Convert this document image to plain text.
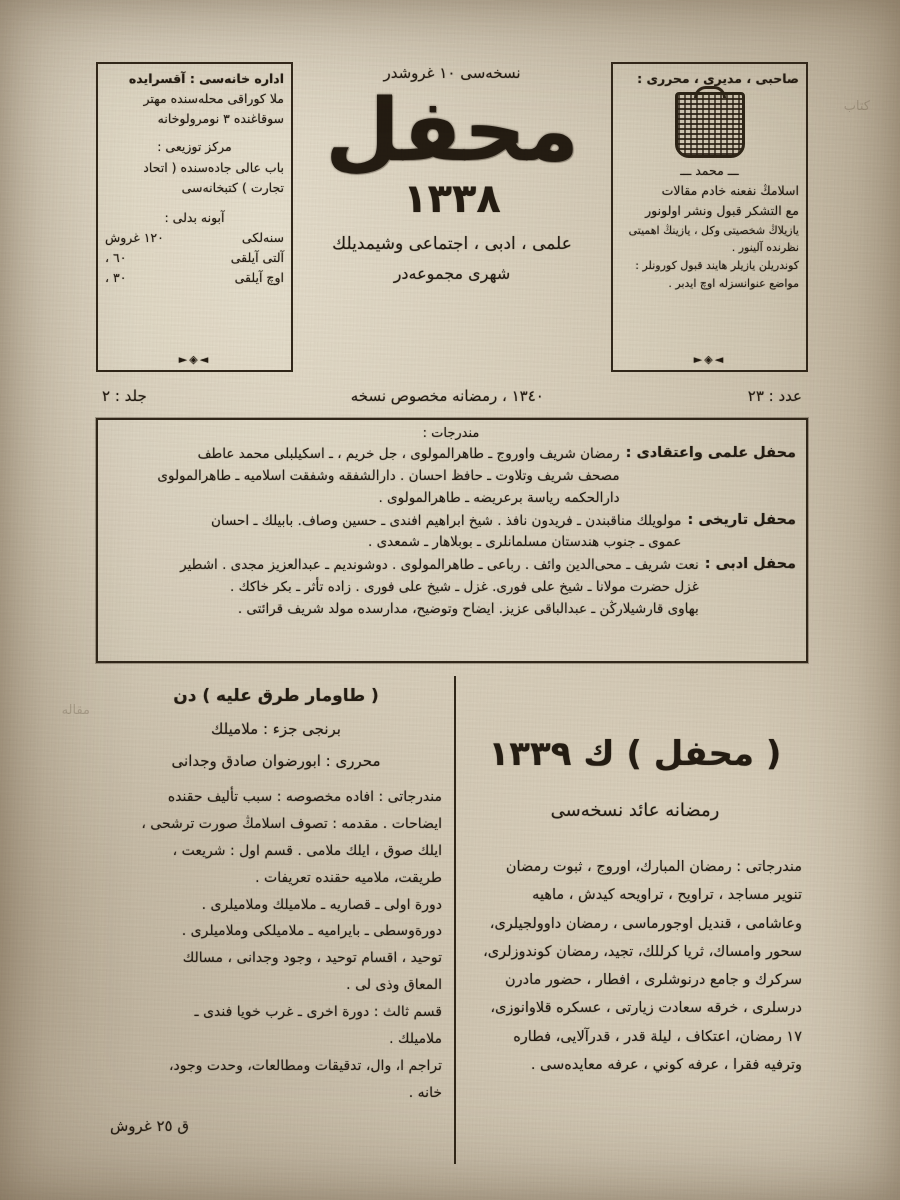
كتاب
مقاله
صاحبى ، مديرى ، محررى :
ـــ محمد ـــ
اسلامڭ نفعنه خادم مقالات
مع التشكر قبول ونشر اولونور
يازيلاڭ شخصيتى وكل ، يازينڭ اهميتى
نظرنده آلينور .
كوندريلن يازيلر هايند قبول كورونلر :
مواضع عنوانسزله اوچ ايدبر .
◄◈►
نسخه‌سى ١٠ غروشدر
محفل
١٣٣٨
علمى ، ادبى ، اجتماعى وشيمديلك
شهرى مجموعه‌در
اداره خانه‌سى : آقسرايده
ملا كوراقى محله‌سنده مهتر
سوقاغنده ٣ نومرولوخانه
مركز توزيعى :
باب عالى جاده‌سنده ( اتحاد
تجارت ) كتبخانه‌سى
آبونه بدلى :
سنه‌لكى
١٢٠ غروش
آلتى آيلقى
٦٠ ،
اوچ آيلقى
٣٠ ،
◄◈►
عدد : ٢٣
١٣٤٠ ، رمضانه مخصوص نسخه
جلد : ٢
مندرجات :
محفل علمى واعتقادى :
رمضان شريف واوروج ـ طاهرالمولوى ، جل خريم ، ـ اسكيلبلى محمد عاطف
مصحف شريف وتلاوت ـ حافظ احسان . دارالشفقه وشفقت اسلاميه ـ طاهرالمولوى
دارالحكمه رياسة برعريضه ـ طاهرالمولوى .
محفل تاريخى :
مولويلك مناقبندن ـ فريدون نافذ . شيخ ابراهيم افندى ـ حسين وصاف. بابيلك ـ احسان
عموى ـ جنوب هندستان مسلمانلرى ـ بوبلاهار ـ شمعدى .
محفل ادبى :
نعت شريف ـ محى‌الدين وائف . رباعى ـ طاهرالمولوى . دوشونديم ـ عبدالعزيز مجدى . اشطير
غزل حضرت مولانا ـ شيخ على فورى. غزل ـ شيخ على فورى . زاده تأثر ـ بكر خاكك .
بهاوى قارشيلارڭن ـ عبدالباقى عزيز. ايضاح وتوضيح، مدارسده مولد شريف قرائتى .
( محفل ) ك ١٣٣٩
رمضانه عائد نسخه‌سى
مندرجاتى : رمضان المبارك، اوروج ، ثبوت رمضان
تنوير مساجد ، تراويح ، تراويحه كيدش ، ماهيه
وعاشامى ، قنديل اوجورماسى ، رمضان داوولجيلرى،
سحور وامساك، ثريا كرللك، تجيد، رمضان كوندوزلرى،
سركرك و جامع درنوشلرى ، افطار ، حضور مادرن
درسلرى ، خرقه سعادت زيارتى ، عسكره قلاوانوزى،
١٧ رمضان، اعتكاف ، ليلة قدر ، قدرآلايى، فطاره
وترفيه فقرا ، عرفه كوني ، عرفه معايده‌سى .
( طاومار طرق عليه ) دن
برنجى جزء : ملاميلك
محررى : ابورضوان صادق وجدانى
مندرجاتى : افاده مخصوصه : سبب تأليف حقنده
ايضاحات . مقدمه : تصوف اسلامڭ صورت ترشحى ،
ايلك صوق ، ايلك ملامى . قسم اول : شريعت ،
طريقت، ملاميه حقنده تعريفات .
دورة اولى ـ قصاريه ـ ملاميلك وملاميلرى .
دورةوسطى ـ بايراميه ـ ملاميلكى وملاميلرى .
توحيد ، اقسام توحيد ، وجود وجدانى ، مسالك
المعاق وذى لى .
قسم ثالث : دورة اخرى ـ غرب خويا فندى ـ
ملاميلك .
تراجم ا، وال، تدقيقات ومطالعات، وحدت وجود،
خانه .
ق ٢٥ غروش
